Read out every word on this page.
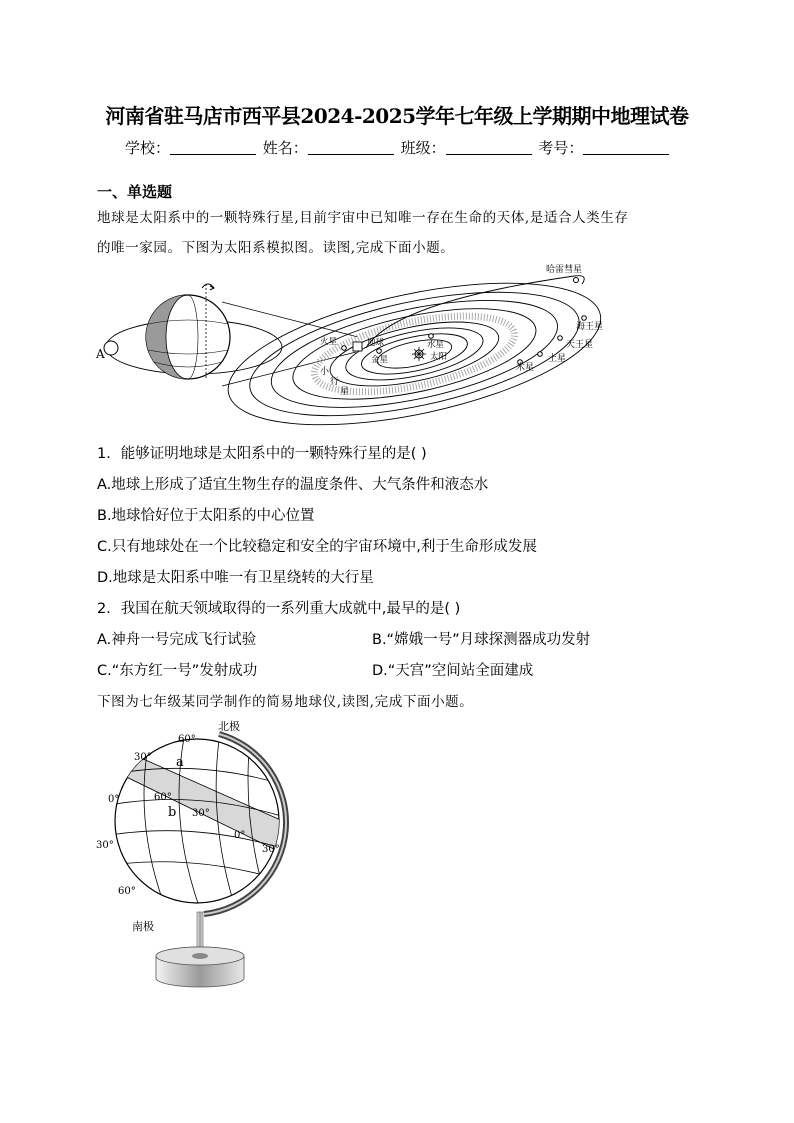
河南省驻马店市西平县2024-2025学年七年级上学期期中地理试卷
学校：	姓名：	班级：	考号：
一、单选题
地球是太阳系中的一颗特殊行星,目前宇宙中已知唯一存在生命的天体,是适合人类生存
的唯一家园。下图为太阳系模拟图。读图,完成下面小题。
A
哈雷彗星
海王星
天王星
土星
木星
水星
太阳
火星	地球
金星
小
行
星
1．能够证明地球是太阳系中的一颗特殊行星的是( )
A.地球上形成了适宜生物生存的温度条件、大气条件和液态水
B.地球恰好位于太阳系的中心位置
C.只有地球处在一个比较稳定和安全的宇宙环境中,利于生命形成发展
D.地球是太阳系中唯一有卫星绕转的大行星
2．我国在航天领域取得的一系列重大成就中,最早的是( )
A.神舟一号完成飞行试验	B.“嫦娥一号”月球探测器成功发射
C.“东方红一号”发射成功	D.“天宫”空间站全面建成
下图为七年级某同学制作的简易地球仪,读图,完成下面小题。
北极
南极
60°
30°
0°
30°
60°
a
b
60°
30°
0°
30°
